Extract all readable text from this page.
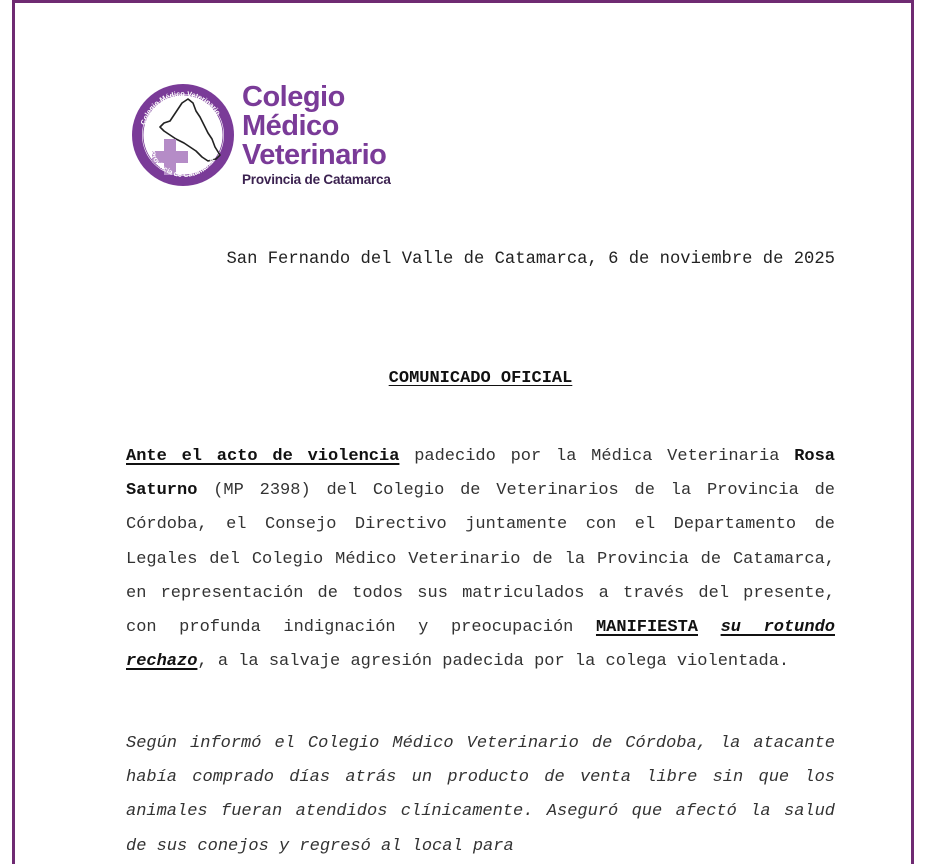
Colegio Médico Veterinario
Provincia de Catamarca
Colegio
Médico
Veterinario
Provincia de Catamarca
San Fernando del Valle de Catamarca, 6 de noviembre de 2025
COMUNICADO OFICIAL
Ante el acto de violencia padecido por la Médica Veterinaria Rosa Saturno (MP 2398) del Colegio de Veterinarios de la Provincia de Córdoba, el Consejo Directivo juntamente con el Departamento de Legales del Colegio Médico Veterinario de la Provincia de Catamarca, en representación de todos sus matriculados a través del presente, con profunda indignación y preocupación MANIFIESTA su rotundo rechazo, a la salvaje agresión padecida por la colega violentada.
Según informó el Colegio Médico Veterinario de Córdoba, la atacante había comprado días atrás un producto de venta libre sin que los animales fueran atendidos clínicamente. Aseguró que afectó la salud de sus conejos y regresó al local para
